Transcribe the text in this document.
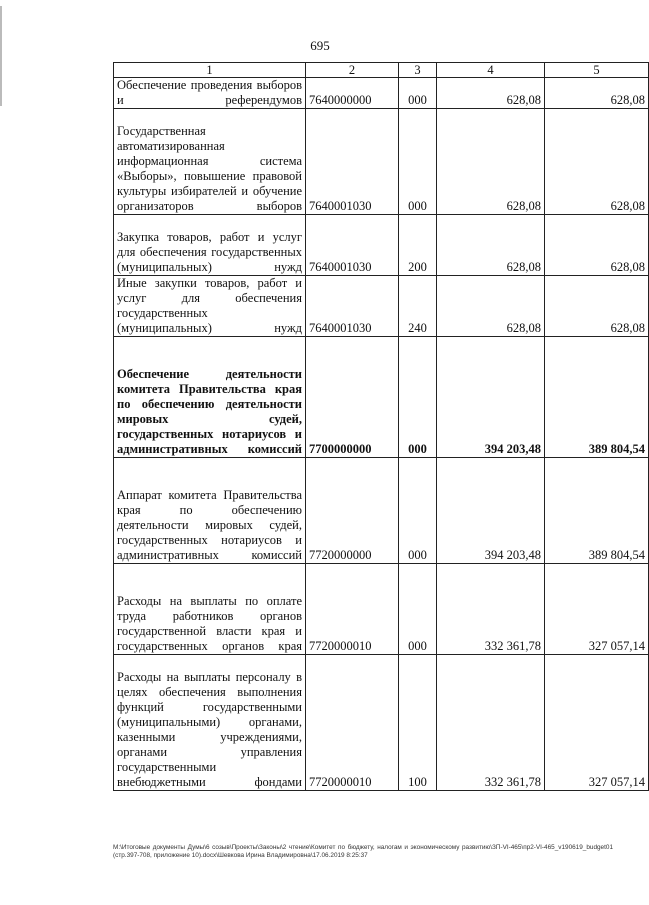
695
1	2	3	4	5
Обеспечение проведения выборов и референдумов	7640000000	000	628,08	628,08
Государственная автоматизированная информационная система «Выборы», повышение правовой культуры избирателей и обучение организаторов выборов	7640001030	000	628,08	628,08
Закупка товаров, работ и услуг для обеспечения государственных (муниципальных) нужд	7640001030	200	628,08	628,08
Иные закупки товаров, работ и услуг для обеспечения государственных (муниципальных) нужд	7640001030	240	628,08	628,08
Обеспечение деятельности комитета Правительства края по обеспечению деятельности мировых судей, государственных нотариусов и административных комиссий	7700000000	000	394 203,48	389 804,54
Аппарат комитета Правительства края по обеспечению деятельности мировых судей, государственных нотариусов и административных комиссий	7720000000	000	394 203,48	389 804,54
Расходы на выплаты по оплате труда работников органов государственной власти края и государственных органов края	7720000010	000	332 361,78	327 057,14
Расходы на выплаты персоналу в целях обеспечения выполнения функций государственными (муниципальными) органами, казенными учреждениями, органами управления государственными внебюджетными фондами	7720000010	100	332 361,78	327 057,14
M:\Итоговые документы Думы\6 созыв\Проекты\Законы\2 чтение\Комитет по бюджету, налогам и экономическому развитию\ЗП-VI-465\пр2-VI-465_v190619_budget01 (стр.397-708, приложение 10).docx\Шевкова Ирина Владимировна\17.06.2019 8:25:37
